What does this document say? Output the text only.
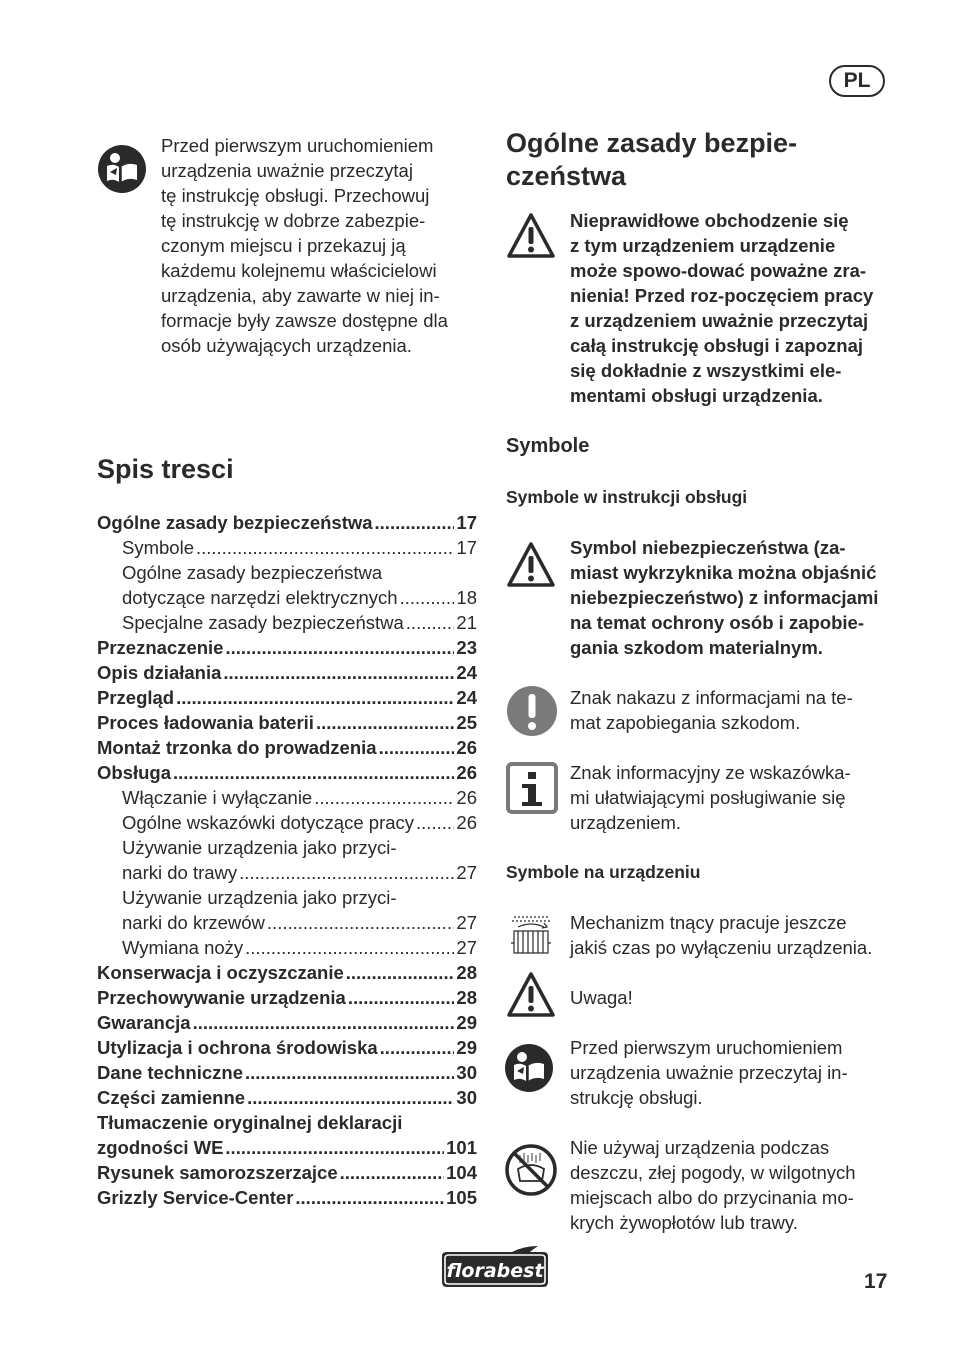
PL
Przed pierwszym uruchomieniem
urządzenia uważnie przeczytaj
tę instrukcję obsługi. Przechowuj
tę instrukcję w dobrze zabezpie-
czonym miejscu i przekazuj ją
każdemu kolejnemu właścicielowi
urządzenia, aby zawarte w niej in-
formacje były zawsze dostępne dla
osób używających urządzenia.
Spis tresci
Ogólne zasady bezpieczeństwa .....	17
Symbole .....	17
Ogólne zasady bezpieczeństwa
dotyczące narzędzi elektrycznych .....	18
Specjalne zasady bezpieczeństwa .....	21
Przeznaczenie .....	23
Opis działania .....	24
Przegląd .....	24
Proces ładowania baterii .....	25
Montaż trzonka do prowadzenia .....	26
Obsługa .....	26
Włączanie i wyłączanie .....	26
Ogólne wskazówki dotyczące pracy ..... 26
Używanie urządzenia jako przyci-
narki do trawy .....	27
Używanie urządzenia jako przyci-
narki do krzewów .....	27
Wymiana noży .....	27
Konserwacja i oczyszczanie .....	28
Przechowywanie urządzenia .....	28
Gwarancja .....	29
Utylizacja i ochrona środowiska .....	29
Dane techniczne .....	30
Części zamienne .....	30
Tłumaczenie oryginalnej deklaracji
zgodności WE .....	101
Rysunek samorozszerzajce .....	104
Grizzly Service-Center .....	105
Ogólne zasady bezpie-
czeństwa
Nieprawidłowe obchodzenie się
z tym urządzeniem urządzenie
może spowo-dować poważne zra-
nienia! Przed roz-poczęciem pracy
z urządzeniem uważnie przeczytaj
całą instrukcję obsługi i zapoznaj
się dokładnie z wszystkimi ele-
mentami obsługi urządzenia.
Symbole
Symbole w instrukcji obsługi
Symbol niebezpieczeństwa (za-
miast wykrzyknika można objaśnić
niebezpieczeństwo) z informacjami
na temat ochrony osób i zapobie-
gania szkodom materialnym.
Znak nakazu z informacjami na te-
mat zapobiegania szkodom.
Znak informacyjny ze wskazówka-
mi ułatwiającymi posługiwanie się
urządzeniem.
Symbole na urządzeniu
Mechanizm tnący pracuje jeszcze
jakiś czas po wyłączeniu urządzenia.
Uwaga!
Przed pierwszym uruchomieniem
urządzenia uważnie przeczytaj in-
strukcję obsługi.
Nie używaj urządzenia podczas
deszczu, złej pogody, w wilgotnych
miejscach albo do przycinania mo-
krych żywopłotów lub trawy.
florabest	17
